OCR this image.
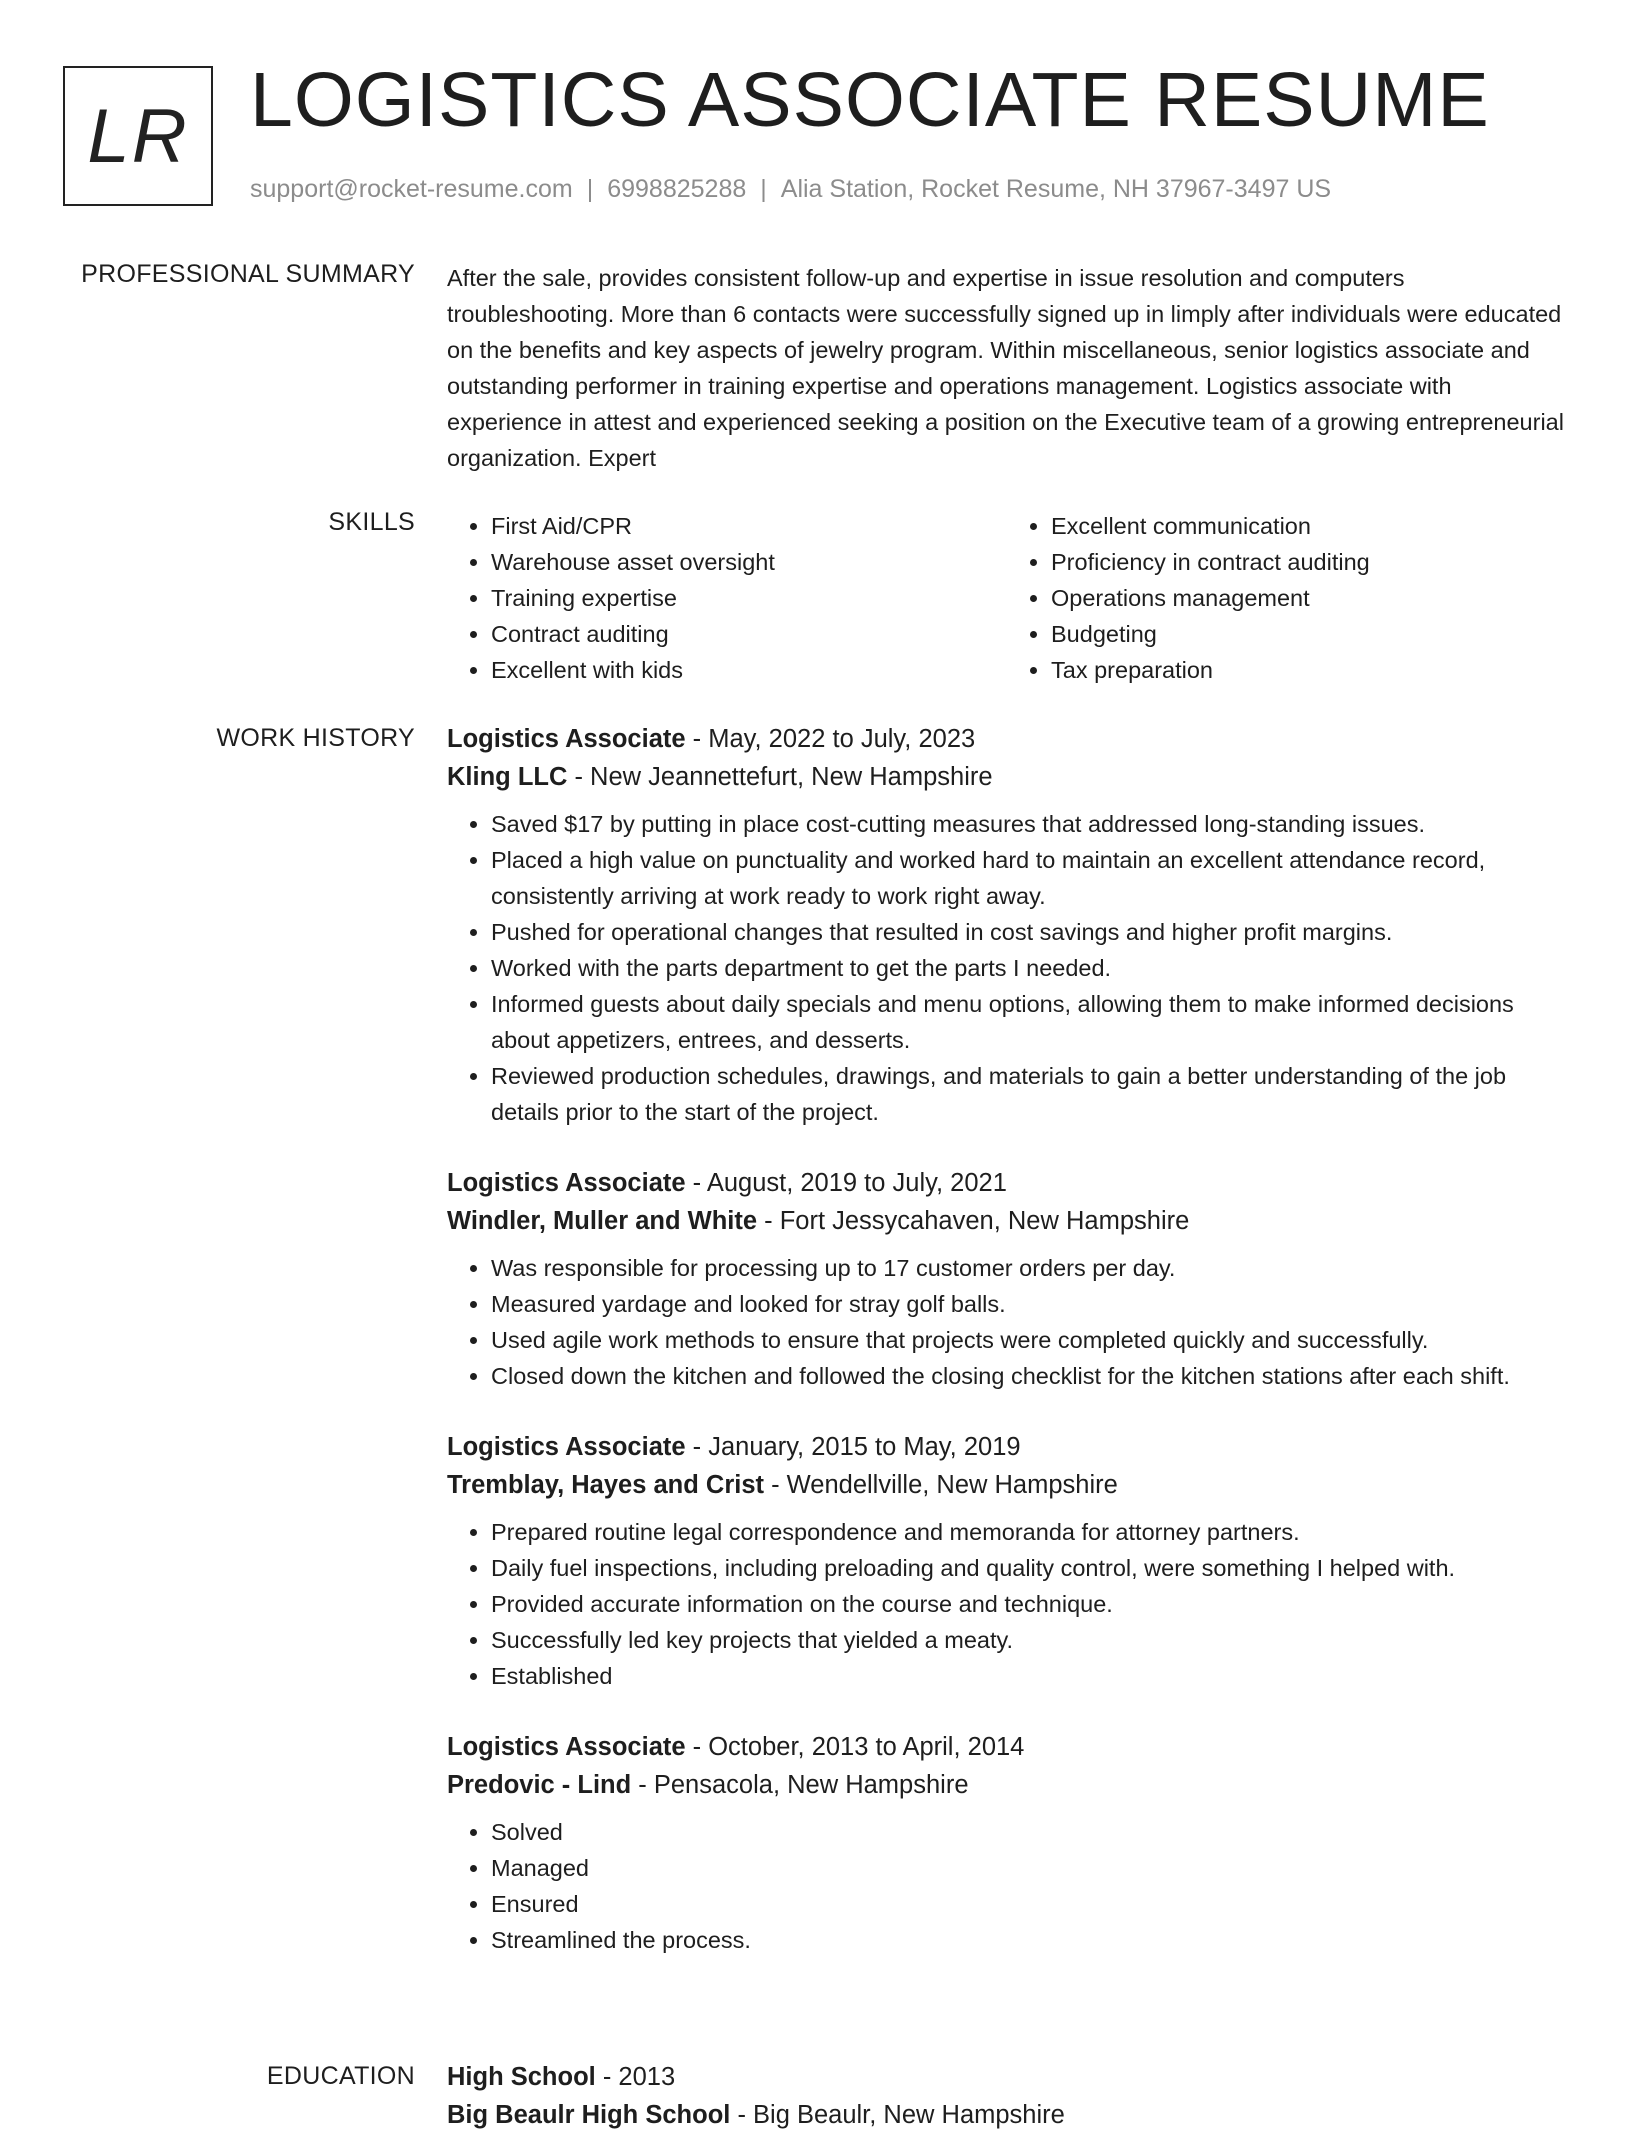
LR LOGISTICS ASSOCIATE RESUME
support@rocket-resume.com | 6998825288 | Alia Station, Rocket Resume, NH 37967-3497 US
PROFESSIONAL SUMMARY After the sale, provides consistent follow-up and expertise in issue resolution and computers troubleshooting. More than 6 contacts were successfully signed up in limply after individuals were educated on the benefits and key aspects of jewelry program. Within miscellaneous, senior logistics associate and outstanding performer in training expertise and operations management. Logistics associate with experience in attest and experienced seeking a position on the Executive team of a growing entrepreneurial organization. Expert
SKILLS
•	First Aid/CPR
• Warehouse asset oversight
• Training expertise
• Contract auditing
• Excellent with kids
• Excellent communication
• Proficiency in contract auditing
• Operations management
• Budgeting
• Tax preparation
WORK HISTORY Logistics Associate - May, 2022 to July, 2023
Kling LLC - New Jeannettefurt, New Hampshire
• Saved $17 by putting in place cost-cutting measures that addressed long-standing issues.
• Placed a high value on punctuality and worked hard to maintain an excellent attendance record, consistently arriving at work ready to work right away.
• Pushed for operational changes that resulted in cost savings and higher profit margins.
• Worked with the parts department to get the parts I needed.
• Informed guests about daily specials and menu options, allowing them to make informed decisions about appetizers, entrees, and desserts.
• Reviewed production schedules, drawings, and materials to gain a better understanding of the job details prior to the start of the project.
Logistics Associate - August, 2019 to July, 2021
Windler, Muller and White - Fort Jessycahaven, New Hampshire
• Was responsible for processing up to 17 customer orders per day.
• Measured yardage and looked for stray golf balls.
• Used agile work methods to ensure that projects were completed quickly and successfully.
• Closed down the kitchen and followed the closing checklist for the kitchen stations after each shift.
Logistics Associate - January, 2015 to May, 2019
Tremblay, Hayes and Crist - Wendellville, New Hampshire
• Prepared routine legal correspondence and memoranda for attorney partners.
• Daily fuel inspections, including preloading and quality control, were something I helped with.
• Provided accurate information on the course and technique.
• Successfully led key projects that yielded a meaty.
• Established
Logistics Associate - October, 2013 to April, 2014
Predovic - Lind - Pensacola, New Hampshire
• Solved
• Managed
• Ensured
• Streamlined the process.
EDUCATION High School - 2013
Big Beaulr High School - Big Beaulr, New Hampshire
